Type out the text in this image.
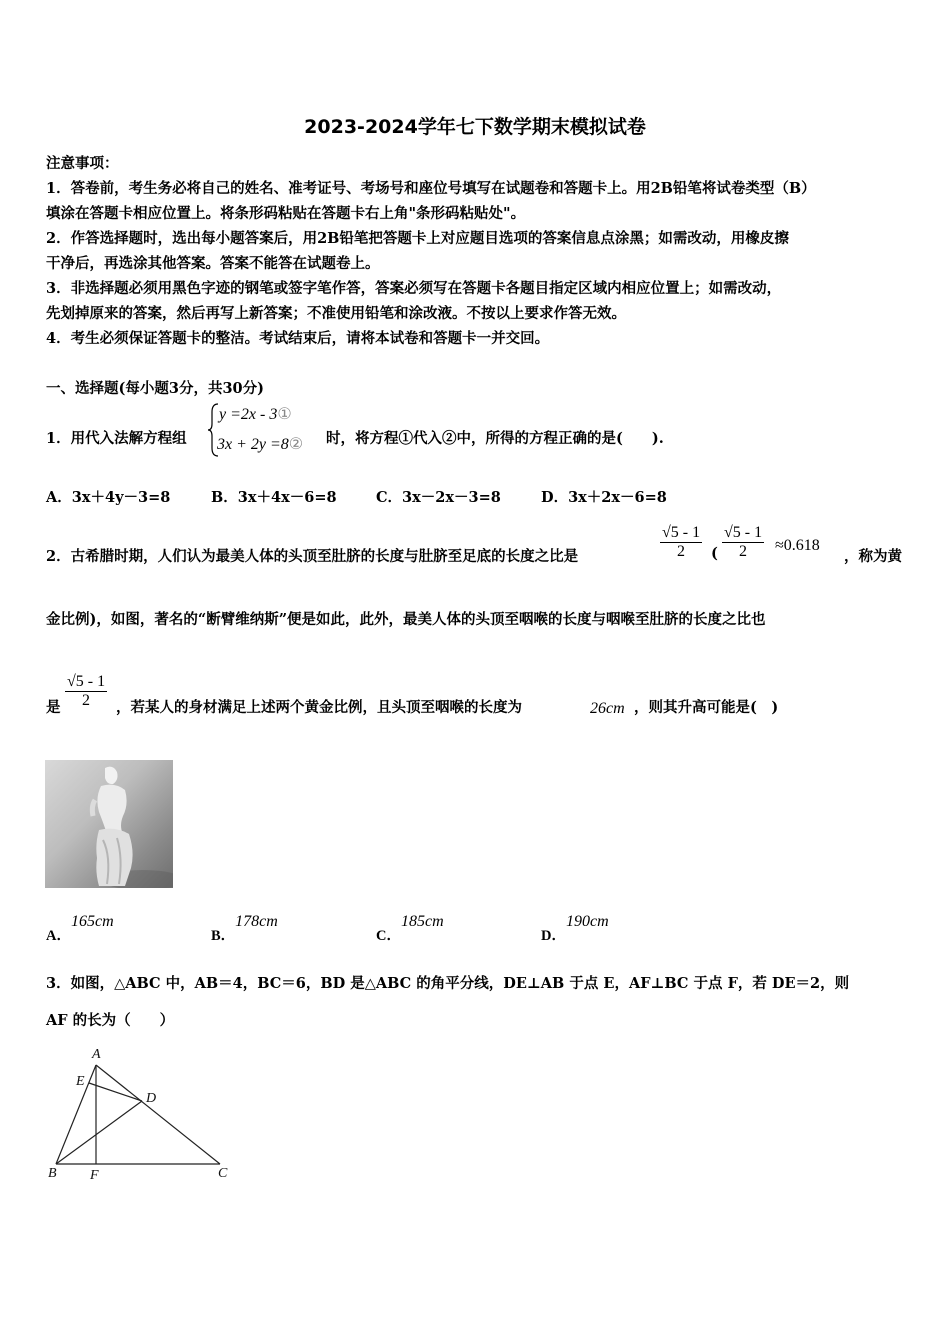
2023-2024学年七下数学期末模拟试卷
注意事项：
1．答卷前，考生务必将自己的姓名、准考证号、考场号和座位号填写在试题卷和答题卡上。用2B铅笔将试卷类型（B）
填涂在答题卡相应位置上。将条形码粘贴在答题卡右上角"条形码粘贴处"。
2．作答选择题时，选出每小题答案后，用2B铅笔把答题卡上对应题目选项的答案信息点涂黑；如需改动，用橡皮擦
干净后，再选涂其他答案。答案不能答在试题卷上。
3．非选择题必须用黑色字迹的钢笔或签字笔作答，答案必须写在答题卡各题目指定区域内相应位置上；如需改动，
先划掉原来的答案，然后再写上新答案；不准使用铅笔和涂改液。不按以上要求作答无效。
4．考生必须保证答题卡的整洁。考试结束后，请将本试卷和答题卡一并交回。
一、选择题(每小题3分，共30分)
1．用代入法解方程组
y =2x - 3①
3x + 2y =8② 时，将方程①代入②中，所得的方程正确的是(　　).
A．3x＋4y－3=8	B．3x＋4x－6=8	C．3x－2x－3=8	D．3x＋2x－6=8
2．古希腊时期，人们认为最美人体的头顶至肚脐的长度与肚脐至足底的长度之比是	$\frac{√5 - 1}{2}$ ( $\frac{√5 - 1}{2} \approx 0.618$
，称为黄
金比例)，如图，著名的“断臂维纳斯”便是如此，此外，最美人体的头顶至咽喉的长度与咽喉至肚脐的长度之比也
是 $\frac{√5 - 1}{2}$ ，若某人的身材满足上述两个黄金比例，且头顶至咽喉的长度为	26cm ，则其升高可能是(　)
A．165cm
B．178cm
C．185cm
D．190cm
3．如图，△ABC 中，AB＝4，BC＝6，BD 是△ABC 的角平分线，DE⊥AB 于点 E，AF⊥BC 于点 F，若 DE＝2，则
AF 的长为（　　）
A
E
D
B F	C
